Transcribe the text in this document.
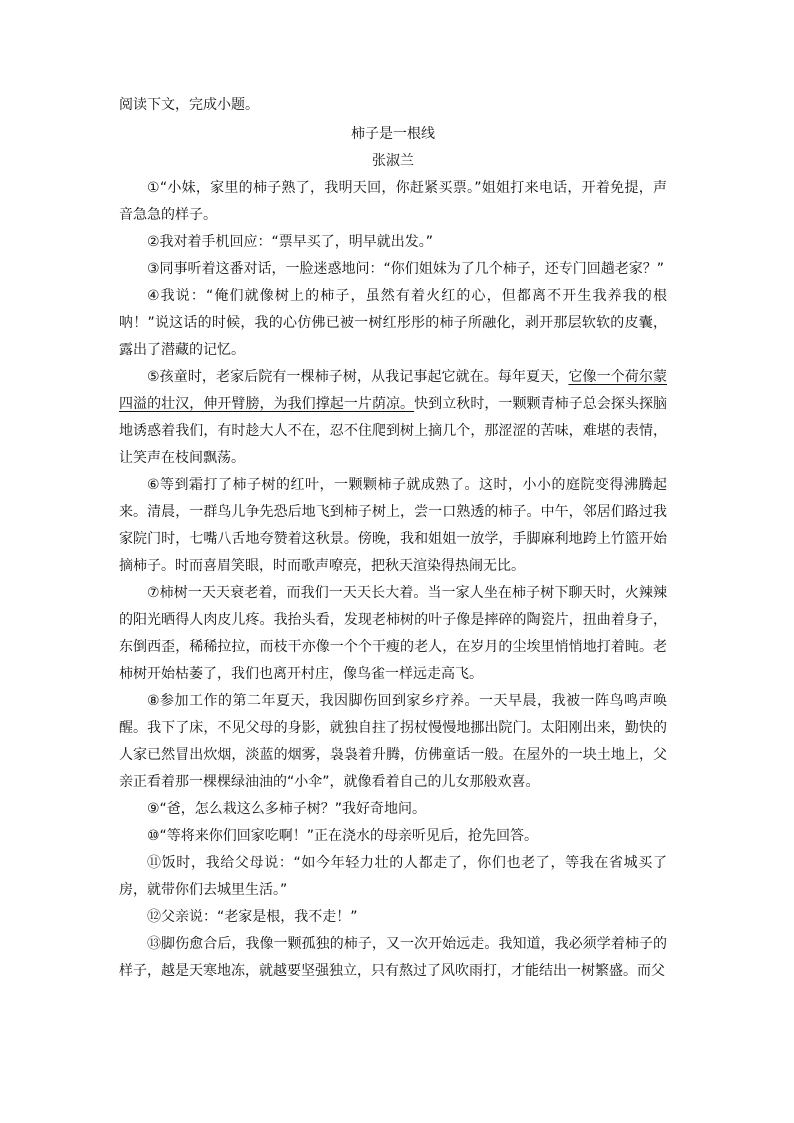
阅读下文，完成小题。
柿子是一根线
张淑兰

①“小妹，家里的柿子熟了，我明天回，你赶紧买票。”姐姐打来电话，开着免提，声音急急的样子。

②我对着手机回应：“票早买了，明早就出发。”

③同事听着这番对话，一脸迷惑地问：“你们姐妹为了几个柿子，还专门回趟老家？”

④我说：“俺们就像树上的柿子，虽然有着火红的心，但都离不开生我养我的根呐！”说这话的时候，我的心仿佛已被一树红彤彤的柿子所融化，剥开那层软软的皮囊，露出了潜藏的记忆。

⑤孩童时，老家后院有一棵柿子树，从我记事起它就在。每年夏天，它像一个荷尔蒙四溢的壮汉，伸开臂膀，为我们撑起一片荫凉。快到立秋时，一颗颗青柿子总会探头探脑地诱惑着我们，有时趁大人不在，忍不住爬到树上摘几个，那涩涩的苦味，难堪的表情，让笑声在枝间飘荡。

⑥等到霜打了柿子树的红叶，一颗颗柿子就成熟了。这时，小小的庭院变得沸腾起来。清晨，一群鸟儿争先恐后地飞到柿子树上，尝一口熟透的柿子。中午，邻居们路过我家院门时，七嘴八舌地夸赞着这秋景。傍晚，我和姐姐一放学，手脚麻利地跨上竹篮开始摘柿子。时而喜眉笑眼，时而歌声嘹亮，把秋天渲染得热闹无比。

⑦柿树一天天衰老着，而我们一天天长大着。当一家人坐在柿子树下聊天时，火辣辣的阳光晒得人肉皮儿疼。我抬头看，发现老柿树的叶子像是摔碎的陶瓷片，扭曲着身子，东倒西歪，稀稀拉拉，而枝干亦像一个个干瘦的老人，在岁月的尘埃里悄悄地打着盹。老柿树开始枯萎了，我们也离开村庄，像鸟雀一样远走高飞。

⑧参加工作的第二年夏天，我因脚伤回到家乡疗养。一天早晨，我被一阵鸟鸣声唤醒。我下了床，不见父母的身影，就独自拄了拐杖慢慢地挪出院门。太阳刚出来，勤快的人家已然冒出炊烟，淡蓝的烟雾，袅袅着升腾，仿佛童话一般。在屋外的一块土地上，父亲正看着那一棵棵绿油油的“小伞”，就像看着自己的儿女那般欢喜。

⑨“爸，怎么栽这么多柿子树？”我好奇地问。

⑩“等将来你们回家吃啊！”正在浇水的母亲听见后，抢先回答。

⑪饭时，我给父母说：“如今年轻力壮的人都走了，你们也老了，等我在省城买了房，就带你们去城里生活。”

⑫父亲说：“老家是根，我不走！”

⑬脚伤愈合后，我像一颗孤独的柿子，又一次开始远走。我知道，我必须学着柿子的样子，越是天寒地冻，就越要坚强独立，只有熬过了风吹雨打，才能结出一树繁盛。而父
